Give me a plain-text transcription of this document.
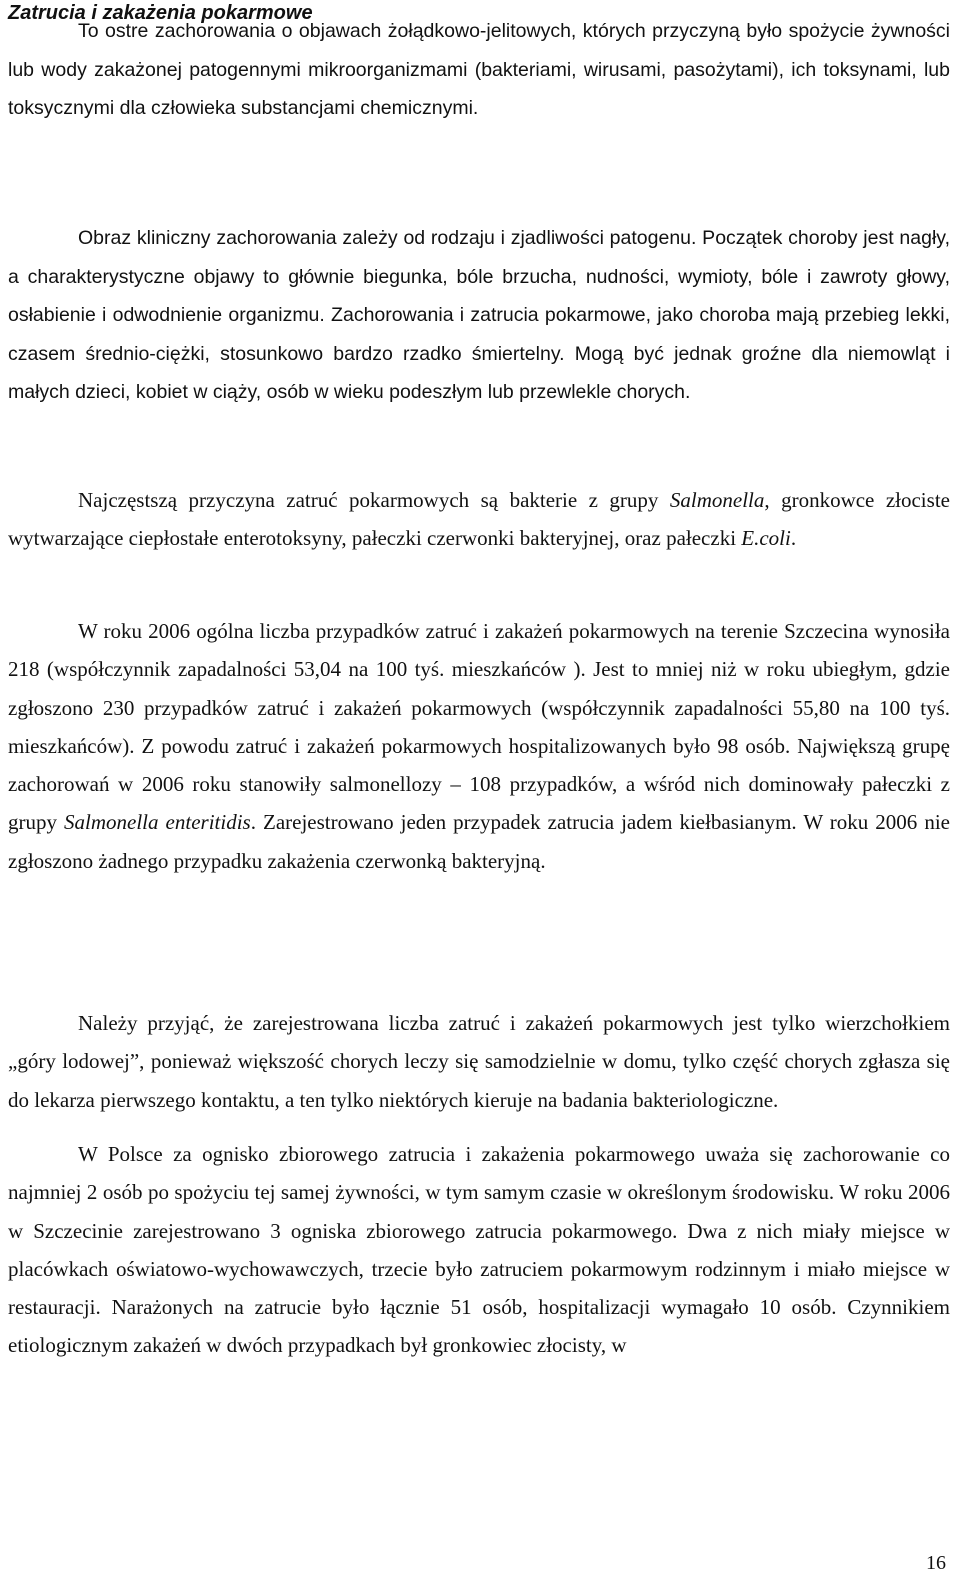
Zatrucia i zakażenia pokarmowe

To ostre zachorowania o objawach żołądkowo-jelitowych, których przyczyną było spożycie żywności lub wody zakażonej patogennymi mikroorganizmami (bakteriami, wirusami, pasożytami), ich toksynami, lub toksycznymi dla człowieka substancjami chemicznymi.

Obraz kliniczny zachorowania zależy od rodzaju i zjadliwości patogenu. Początek choroby jest nagły, a charakterystyczne objawy to głównie biegunka, bóle brzucha, nudności, wymioty, bóle i zawroty głowy, osłabienie i odwodnienie organizmu. Zachorowania i zatrucia pokarmowe, jako choroba mają przebieg lekki, czasem średnio-ciężki, stosunkowo bardzo rzadko śmiertelny. Mogą być jednak groźne dla niemowląt i małych dzieci, kobiet w ciąży, osób w wieku podeszłym lub przewlekle chorych.

Najczęstszą przyczyna zatruć pokarmowych są bakterie z grupy Salmonella, gronkowce złociste wytwarzające ciepłostałe enterotoksyny, pałeczki czerwonki bakteryjnej, oraz pałeczki E.coli.

W roku 2006 ogólna liczba przypadków zatruć i zakażeń pokarmowych na terenie Szczecina wynosiła 218 (współczynnik zapadalności 53,04 na 100 tyś. mieszkańców ). Jest to mniej niż w roku ubiegłym, gdzie zgłoszono 230 przypadków zatruć i zakażeń pokarmowych (współczynnik zapadalności 55,80 na 100 tyś. mieszkańców). Z powodu zatruć i zakażeń pokarmowych hospitalizowanych było 98 osób. Największą grupę zachorowań w 2006 roku stanowiły salmonellozy – 108 przypadków, a wśród nich dominowały pałeczki z grupy Salmonella enteritidis. Zarejestrowano jeden przypadek zatrucia jadem kiełbasianym. W roku 2006 nie zgłoszono żadnego przypadku zakażenia czerwonką bakteryjną.

Należy przyjąć, że zarejestrowana liczba zatruć i zakażeń pokarmowych jest tylko wierzchołkiem „góry lodowej”, ponieważ większość chorych leczy się samodzielnie w domu, tylko część chorych zgłasza się do lekarza pierwszego kontaktu, a ten tylko niektórych kieruje na badania bakteriologiczne.

W Polsce za ognisko zbiorowego zatrucia i zakażenia pokarmowego uważa się zachorowanie co najmniej 2 osób po spożyciu tej samej żywności, w tym samym czasie w określonym środowisku. W roku 2006 w Szczecinie zarejestrowano 3 ogniska zbiorowego zatrucia pokarmowego. Dwa z nich miały miejsce w placówkach oświatowo-wychowawczych, trzecie było zatruciem pokarmowym rodzinnym i miało miejsce w restauracji. Narażonych na zatrucie było łącznie 51 osób, hospitalizacji wymagało 10 osób. Czynnikiem etiologicznym zakażeń w dwóch przypadkach był gronkowiec złocisty, w

16
